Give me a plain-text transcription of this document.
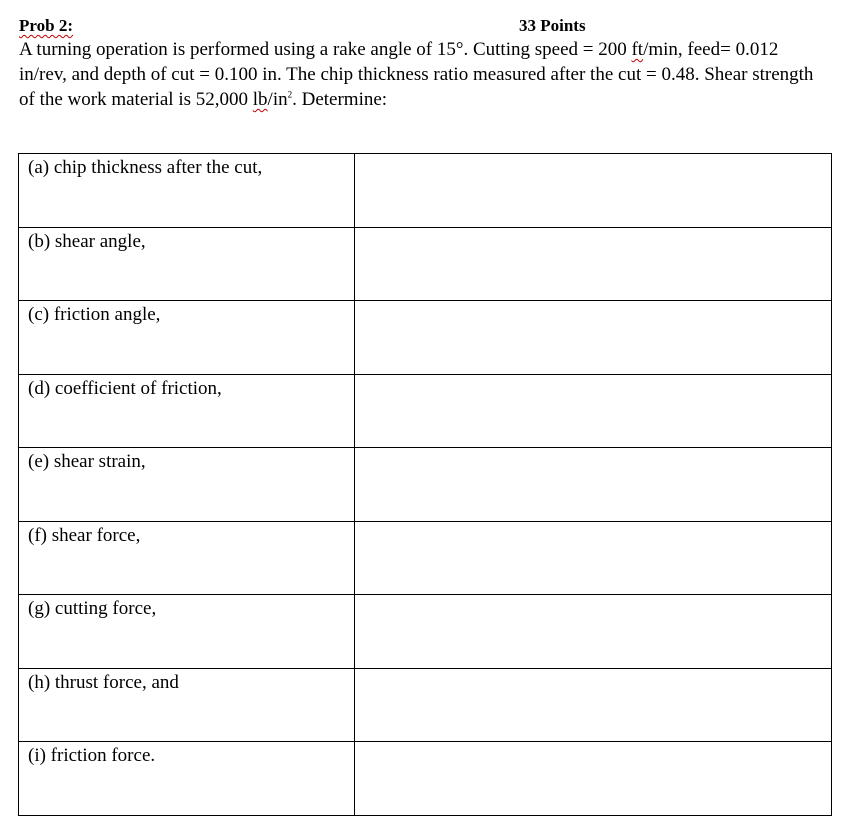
Prob 2:	33 Points
A turning operation is performed using a rake angle of 15°. Cutting speed = 200 ft/min, feed= 0.012 in/rev, and depth of cut = 0.100 in. The chip thickness ratio measured after the cut = 0.48. Shear strength of the work material is 52,000 $lb/in^2$. Determine:
(a) chip thickness after the cut,	
(b) shear angle,	
(c) friction angle,	
(d) coefficient of friction,	
(e) shear strain,	
(f) shear force,	
(g) cutting force,	
(h) thrust force, and	
(i) friction force.	
